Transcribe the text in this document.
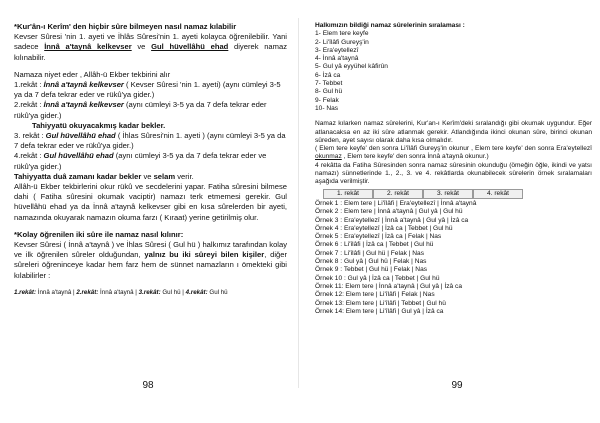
*Kur'ân-ı Kerîm' den hiçbir sûre bilmeyen nasıl namaz kılabilir

Kevser Sûresi 'nin 1. ayeti ve İhlâs Sûresi'nin 1. ayeti kolayca öğrenilebilir. Yani sadece İnnâ a'taynâ kelkevser ve Gul hüvellâhü ehad diyerek namaz kılınabilir.

Namaza niyet eder , Allâh-ü Ekber tekbirini alır

1.rekât : İnnâ a'taynâ kelkevser ( Kevser Sûresi 'nin 1. ayeti) (aynı cümleyi 3-5 ya da 7 defa tekrar eder ve rükû'ya gider.)

2.rekât : İnnâ a'taynâ kelkevser (aynı cümleyi 3-5 ya da 7 defa tekrar eder rükû'ya gider.)

Tahiyyatü okuyacakmış kadar bekler.

3. rekât : Gul hüvellâhü ehad ( İhlas Sûresi'nin 1. ayeti ) (aynı cümleyi 3-5 ya da 7 defa tekrar eder ve rükû'ya gider.)

4.rekât : Gul hüvellâhü ehad (aynı cümleyi 3-5 ya da 7 defa tekrar eder ve rükû'ya gider.)

Tahiyyatta duâ zamanı kadar bekler ve selam verir.

Allâh-ü Ekber tekbirlerini okur rükû ve secdelerini yapar. Fatiha sûresini bilmese dahi ( Fatiha sûresini okumak vaciptir) namazı terk etmemesi gerekir. Gul hüvellâhü ehad ya da İnnâ a'taynâ kelkevser gibi en kısa sûrelerden bir ayeti, namazında okuyarak namazın okuma farzı ( Kıraat) yerine getirilmiş olur.

*Kolay öğrenilen iki sûre ile namaz nasıl kılınır:

Kevser Sûresi ( İnnâ a'taynâ ) ve İhlas Sûresi ( Gul hü ) halkımız tarafından kolay ve ilk öğrenilen sûreler olduğundan, yalnız bu iki sûreyi bilen kişiler, diğer sûreleri öğreninceye kadar hem farz hem de sünnet namazların ı ömekteki gibi kılabilirler :

1.rekât: İnnâ a'taynâ | 2.rekât: İnnâ a'taynâ | 3.rekât: Gul hü | 4.rekât: Gul hü

98

Halkımızın bildiği namaz sûrelerinin sıralaması :

1- Elem tere keyfe
2- Li'îlâfi Gureyş'in
3- Era'eytellezî
4- İnnâ a'taynâ
5- Gul yâ eyyühel kâfirûn
6- İzâ ca
7- Tebbet
8- Gul hü
9- Felak
10- Nas

Namaz kılarken namaz sûrelerini, Kur'an-ı Kerîm'deki sıralandığı gibi okumak uygundur. Eğer atlanacaksa en az iki sûre atlanmak gerekir. Atlandığında ikinci okunan sûre, birinci okunan sûreden, ayet sayısı olarak daha kısa olmalıdır.

( Elem tere keyfe' den sonra Li'îlâfi Gureyş'in okunur , Elem tere keyfe' den sonra Era'eytellezî okunmaz , Elem tere keyfe' den sonra İnnâ a'taynâ okunur.)

4 rekâtta da Fatiha Sûresinden sonra namaz sûresinin okunduğu (ömeğin öğle, ikindi ve yatsı namazı) sünnetlerinde 1., 2., 3. ve 4. rekâtlarda okunabilecek sûrelerin örnek sıralamaları aşağıda verilmiştir.

1. rekât	2. rekât	3. rekât	4. rekât
Örnek 1 : Elem tere | Li'îlâfi | Era'eytellezî | İnnâ a'taynâ
Örnek 2 : Elem tere | İnnâ a'taynâ | Gul yâ | Gul hü
Örnek 3 : Era'eytellezî | İnnâ a'taynâ | Gul yâ | İzâ ca
Örnek 4 : Era'eytellezî | İzâ ca | Tebbet | Gul hü
Örnek 5 : Era'eytellezî | İzâ ca | Felak | Nas
Örnek 6 : Li'îlâfi | İzâ ca | Tebbet | Gul hü
Örnek 7 : Li'îlâfi | Gul hü | Felak | Nas
Örnek 8 : Gul yâ | Gul hü | Felak | Nas
Örnek 9 : Tebbet | Gul hü | Felak | Nas
Örnek 10 : Gul yâ | İzâ ca | Tebbet | Gul hü
Örnek 11: Elem tere | İnnâ a'taynâ | Gul yâ | İzâ ca
Örnek 12: Elem tere | Li'îlâfi | Felak | Nas
Örnek 13: Elem tere | Li'îlâfi | Tebbet | Gul hü
Örnek 14: Elem tere | Li'îlâfi | Gul yâ | İzâ ca
99
